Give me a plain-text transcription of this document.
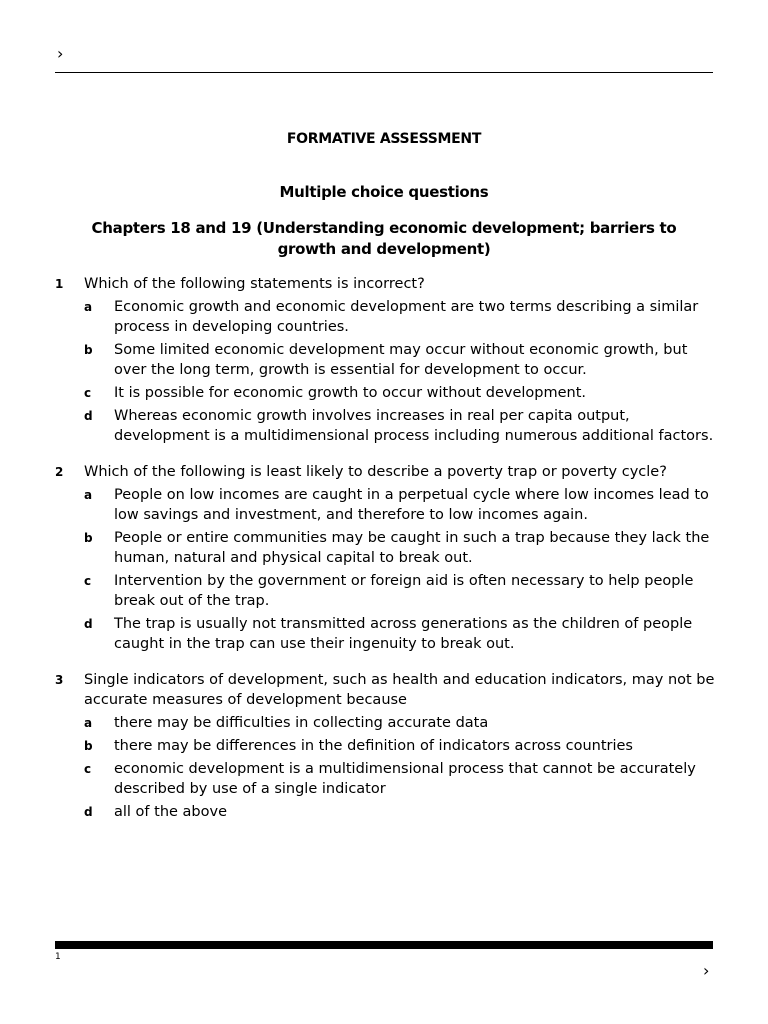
›
FORMATIVE ASSESSMENT
Multiple choice questions
Chapters 18 and 19 (Understanding economic development; barriers to growth and development)
1 Which of the following statements is incorrect?
a Economic growth and economic development are two terms describing a similar process in developing countries.
b Some limited economic development may occur without economic growth, but over the long term, growth is essential for development to occur.
c It is possible for economic growth to occur without development.
d Whereas economic growth involves increases in real per capita output, development is a multidimensional process including numerous additional factors.
2 Which of the following is least likely to describe a poverty trap or poverty cycle?
a People on low incomes are caught in a perpetual cycle where low incomes lead to low savings and investment, and therefore to low incomes again.
b People or entire communities may be caught in such a trap because they lack the human, natural and physical capital to break out.
c Intervention by the government or foreign aid is often necessary to help people break out of the trap.
d The trap is usually not transmitted across generations as the children of people caught in the trap can use their ingenuity to break out.
3 Single indicators of development, such as health and education indicators, may not be accurate measures of development because
a there may be difficulties in collecting accurate data
b there may be differences in the definition of indicators across countries
c economic development is a multidimensional process that cannot be accurately described by use of a single indicator
d all of the above
1
›
